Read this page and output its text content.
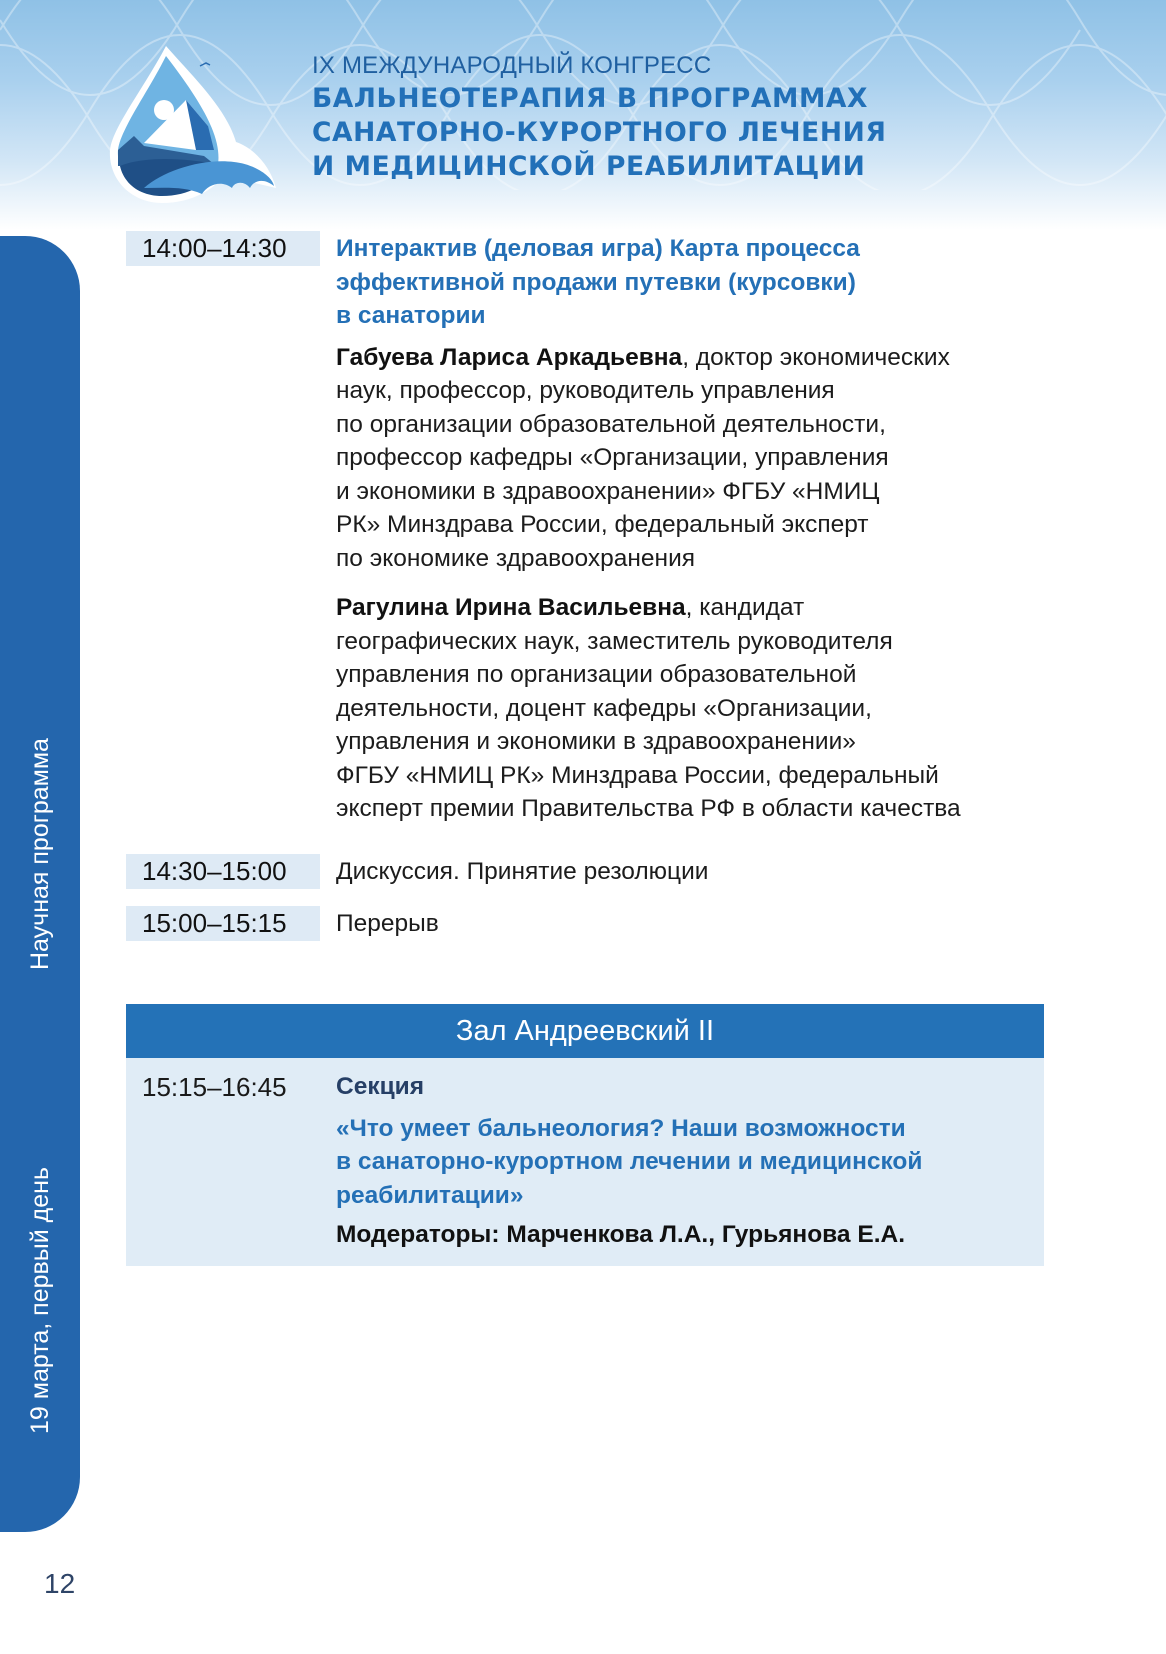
IX МЕЖДУНАРОДНЫЙ КОНГРЕСС
БАЛЬНЕОТЕРАПИЯ В ПРОГРАММАХ
САНАТОРНО-КУРОРТНОГО ЛЕЧЕНИЯ
И МЕДИЦИНСКОЙ РЕАБИЛИТАЦИИ
Научная программа
19 марта, первый день
14:00–14:30	Интерактив (деловая игра) Карта процесса
эффективной продажи путевки (курсовки)
в санатории
Габуева Лариса Аркадьевна, доктор экономических
наук, профессор, руководитель управления
по организации образовательной деятельности,
профессор кафедры «Организации, управления
и экономики в здравоохранении» ФГБУ «НМИЦ
РК» Минздрава России, федеральный эксперт
по экономике здравоохранения
Рагулина Ирина Васильевна, кандидат
географических наук, заместитель руководителя
управления по организации образовательной
деятельности, доцент кафедры «Организации,
управления и экономики в здравоохранении»
ФГБУ «НМИЦ РК» Минздрава России, федеральный
эксперт премии Правительства РФ в области качества
14:30–15:00	Дискуссия. Принятие резолюции
15:00–15:15	Перерыв
Зал Андреевский II
15:15–16:45 Секция
«Что умеет бальнеология? Наши возможности
в санаторно-курортном лечении и медицинской
реабилитации»
Модераторы: Марченкова Л.А., Гурьянова Е.А.
12
